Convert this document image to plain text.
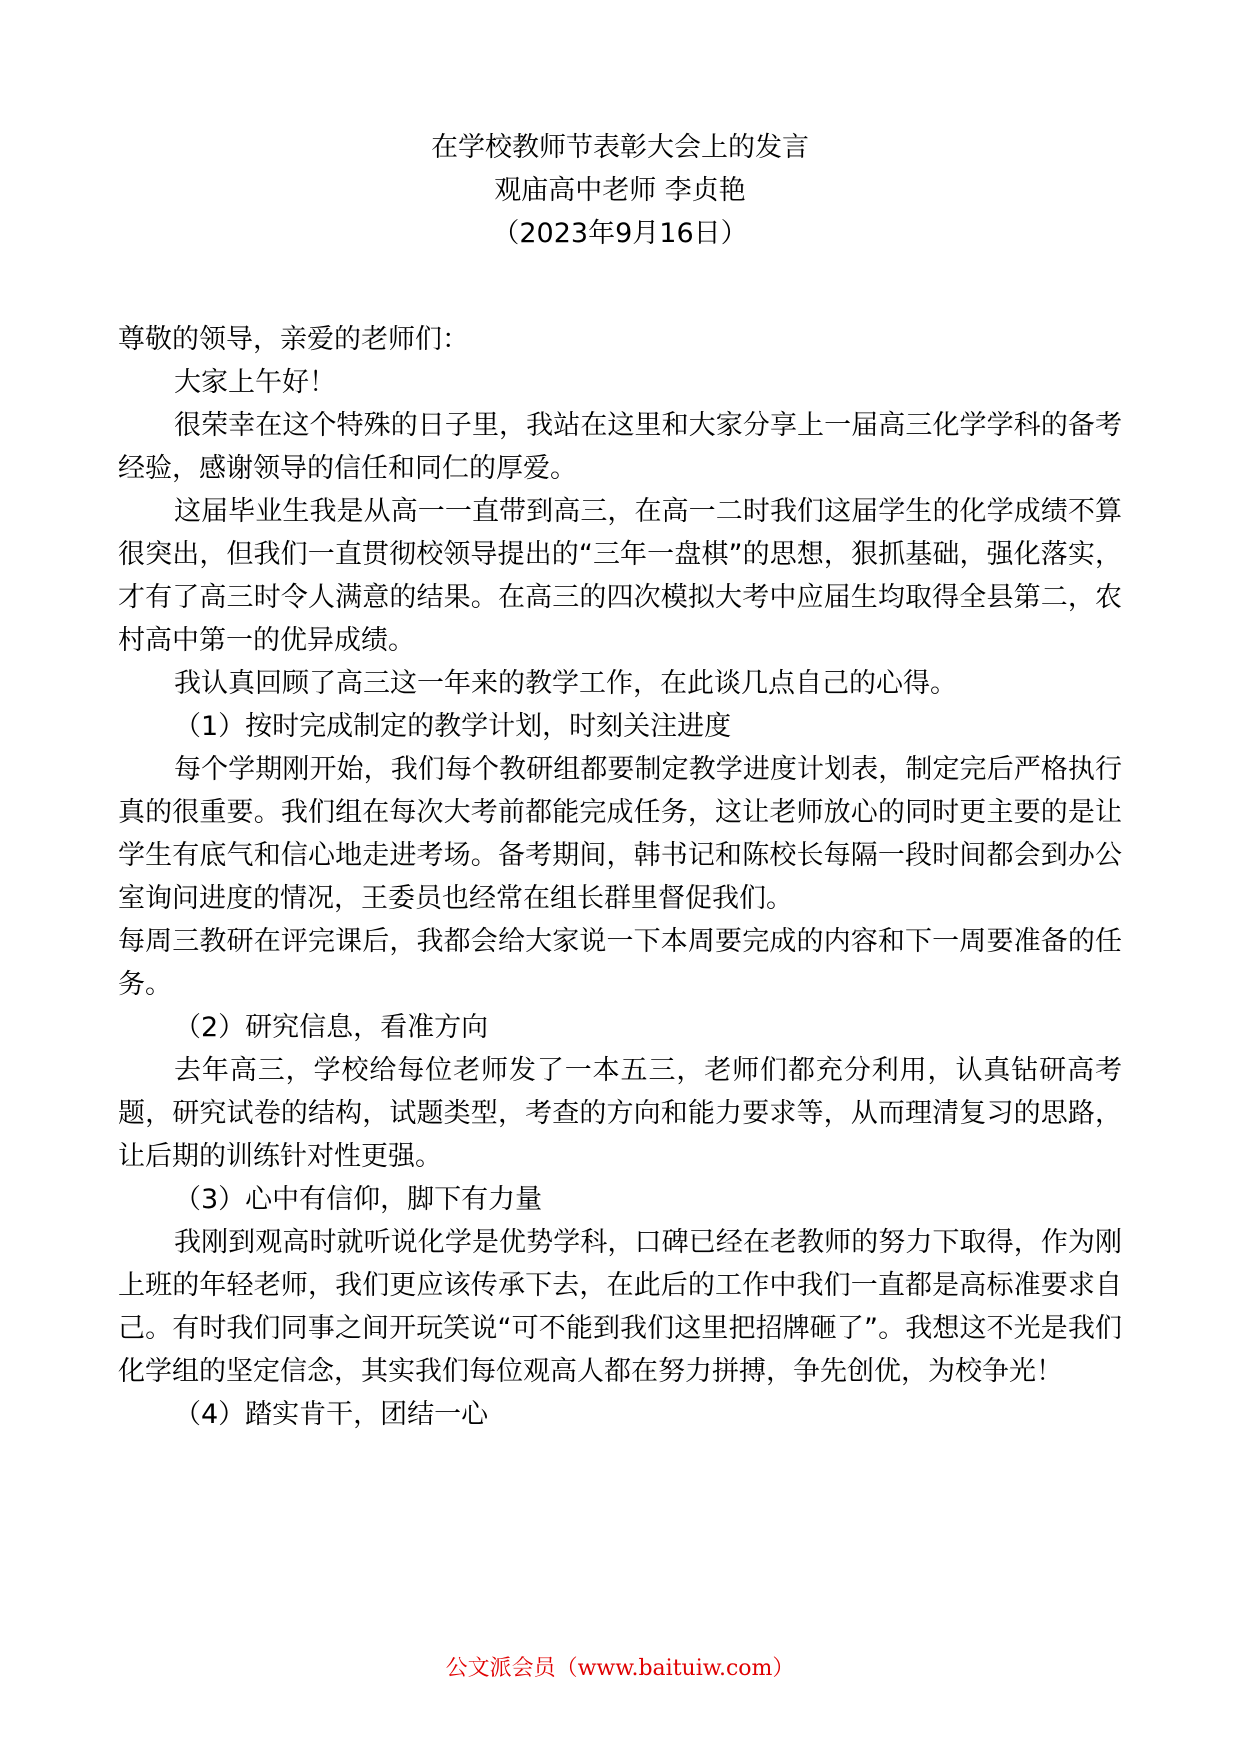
在学校教师节表彰大会上的发言
观庙高中老师 李贞艳
（2023年9月16日）

尊敬的领导，亲爱的老师们：

大家上午好！

很荣幸在这个特殊的日子里，我站在这里和大家分享上一届高三化学学科的备考经验，感谢领导的信任和同仁的厚爱。

这届毕业生我是从高一一直带到高三，在高一二时我们这届学生的化学成绩不算很突出，但我们一直贯彻校领导提出的“三年一盘棋”的思想，狠抓基础，强化落实，才有了高三时令人满意的结果。在高三的四次模拟大考中应届生均取得全县第二，农村高中第一的优异成绩。

我认真回顾了高三这一年来的教学工作，在此谈几点自己的心得。

（1）按时完成制定的教学计划，时刻关注进度

每个学期刚开始，我们每个教研组都要制定教学进度计划表，制定完后严格执行真的很重要。我们组在每次大考前都能完成任务，这让老师放心的同时更主要的是让学生有底气和信心地走进考场。备考期间，韩书记和陈校长每隔一段时间都会到办公室询问进度的情况，王委员也经常在组长群里督促我们。

每周三教研在评完课后，我都会给大家说一下本周要完成的内容和下一周要准备的任务。

（2）研究信息，看准方向

去年高三，学校给每位老师发了一本五三，老师们都充分利用，认真钻研高考题，研究试卷的结构，试题类型，考查的方向和能力要求等，从而理清复习的思路，让后期的训练针对性更强。

（3）心中有信仰，脚下有力量

我刚到观高时就听说化学是优势学科，口碑已经在老教师的努力下取得，作为刚上班的年轻老师，我们更应该传承下去，在此后的工作中我们一直都是高标准要求自己。有时我们同事之间开玩笑说“可不能到我们这里把招牌砸了”。我想这不光是我们化学组的坚定信念，其实我们每位观高人都在努力拼搏，争先创优，为校争光！

（4）踏实肯干，团结一心

公文派会员（www.baituiw.com）
